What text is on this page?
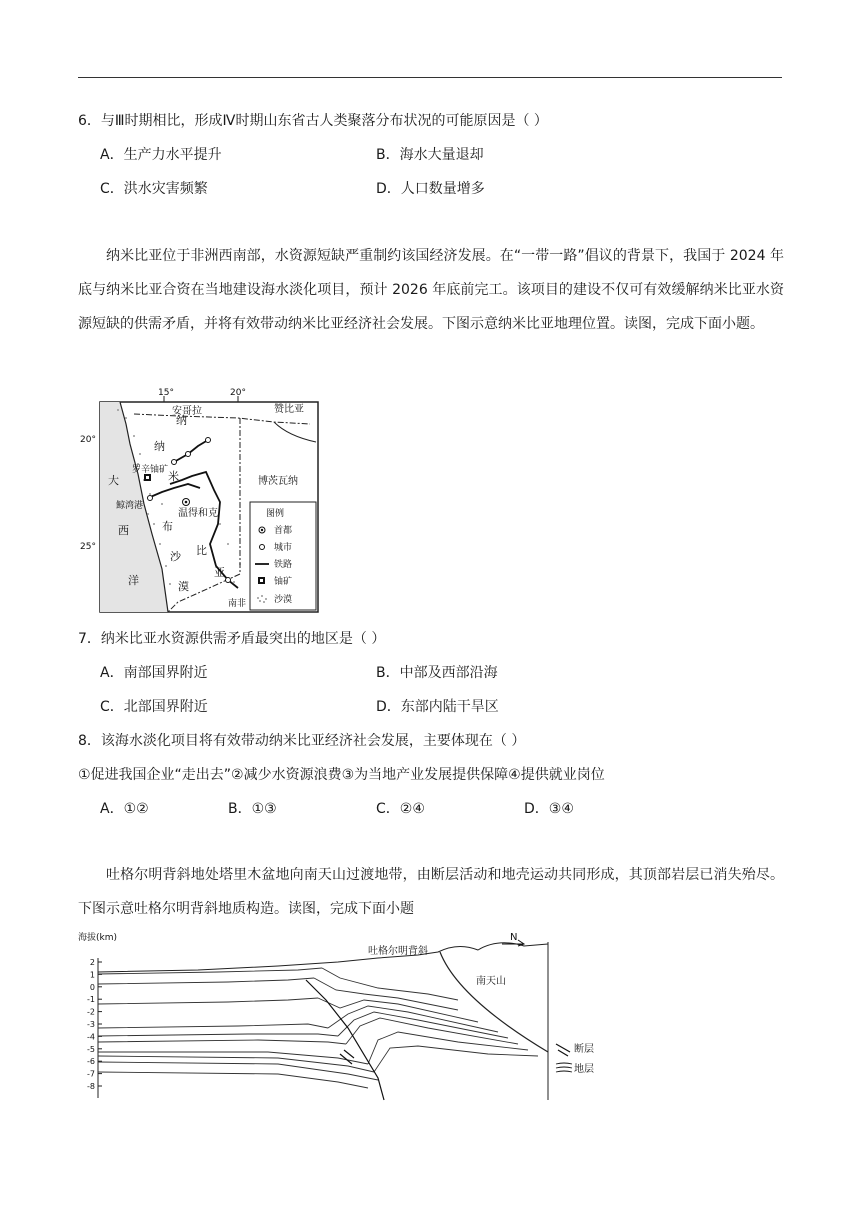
6．与Ⅲ时期相比，形成Ⅳ时期山东省古人类聚落分布状况的可能原因是（ ）
A．生产力水平提升	B．海水大量退却
C．洪水灾害频繁	D．人口数量增多
纳米比亚位于非洲西南部，水资源短缺严重制约该国经济发展。在“一带一路”倡议的背景下，我国于 2024 年底与纳米比亚合资在当地建设海水淡化项目，预计 2026 年底前完工。该项目的建设不仅可有效缓解纳米比亚水资源短缺的供需矛盾，并将有效带动纳米比亚经济社会发展。下图示意纳米比亚地理位置。读图，完成下面小题。
15°	20°
20°
25°
安哥拉	赞比亚
博茨瓦纳
罗辛铀矿
鲸湾港
温得和克
南非
大
西
洋
纳
米
比
亚
纳
布
沙
漠
图例
首都
城市
铁路
铀矿
沙漠
7．纳米比亚水资源供需矛盾最突出的地区是（ ）
A．南部国界附近	B．中部及西部沿海
C．北部国界附近	D．东部内陆干旱区
8．该海水淡化项目将有效带动纳米比亚经济社会发展，主要体现在（ ）
①促进我国企业“走出去”②减少水资源浪费③为当地产业发展提供保障④提供就业岗位
A．①②	B．①③	C．②④	D．③④
吐格尔明背斜地处塔里木盆地向南天山过渡地带，由断层活动和地壳运动共同形成，其顶部岩层已消失殆尽。下图示意吐格尔明背斜地质构造。读图，完成下面小题
海拔(km)
2
1
0
-1
-2
-3
-4
-5
-6
-7
-8
吐格尔明背斜
N
南天山
断层
地层
